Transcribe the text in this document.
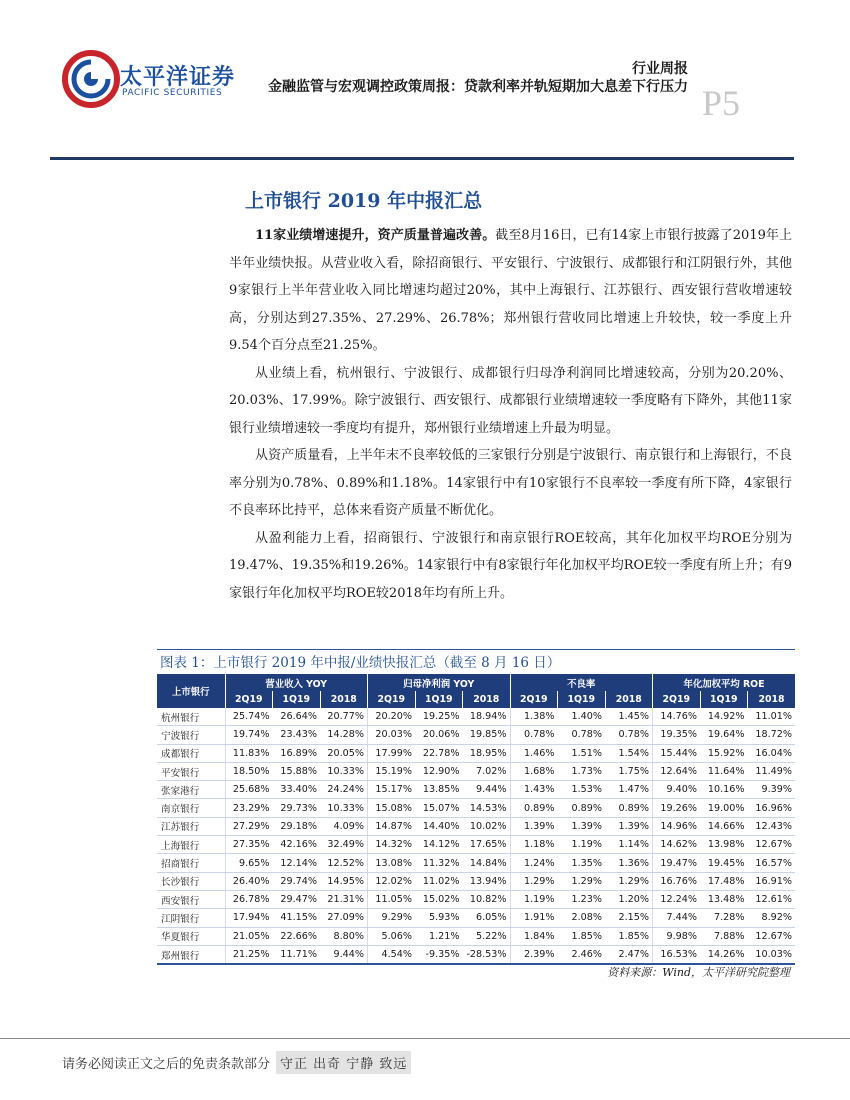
太平洋证券
PACIFIC SECURITIES
行业周报
金融监管与宏观调控政策周报：贷款利率并轨短期加大息差下行压力 P5
上市银行 2019 年中报汇总

11家业绩增速提升，资产质量普遍改善。截至8月16日，已有14家上市银行披露了2019年上半年业绩快报。从营业收入看，除招商银行、平安银行、宁波银行、成都银行和江阴银行外，其他9家银行上半年营业收入同比增速均超过20%，其中上海银行、江苏银行、西安银行营收增速较高，分别达到27.35%、27.29%、26.78%；郑州银行营收同比增速上升较快，较一季度上升9.54个百分点至21.25%。

从业绩上看，杭州银行、宁波银行、成都银行归母净利润同比增速较高，分别为20.20%、20.03%、17.99%。除宁波银行、西安银行、成都银行业绩增速较一季度略有下降外，其他11家银行业绩增速较一季度均有提升，郑州银行业绩增速上升最为明显。

从资产质量看，上半年末不良率较低的三家银行分别是宁波银行、南京银行和上海银行，不良率分别为0.78%、0.89%和1.18%。14家银行中有10家银行不良率较一季度有所下降，4家银行不良率环比持平，总体来看资产质量不断优化。

从盈利能力上看，招商银行、宁波银行和南京银行ROE较高，其年化加权平均ROE分别为19.47%、19.35%和19.26%。14家银行中有8家银行年化加权平均ROE较一季度有所上升；有9家银行年化加权平均ROE较2018年均有所上升。

图表 1：上市银行 2019 年中报/业绩快报汇总（截至 8 月 16 日）
上市银行	营业收入 YOY			归母净利润 YOY			不良率			年化加权平均 ROE		
	2Q19	1Q19	2018	2Q19	1Q19	2018	2Q19	1Q19	2018	2Q19	1Q19	2018
杭州银行	25.74%	26.64%	20.77%	20.20%	19.25%	18.94%	1.38%	1.40%	1.45%	14.76%	14.92%	11.01%
宁波银行	19.74%	23.43%	14.28%	20.03%	20.06%	19.85%	0.78%	0.78%	0.78%	19.35%	19.64%	18.72%
成都银行	11.83%	16.89%	20.05%	17.99%	22.78%	18.95%	1.46%	1.51%	1.54%	15.44%	15.92%	16.04%
平安银行	18.50%	15.88%	10.33%	15.19%	12.90%	7.02%	1.68%	1.73%	1.75%	12.64%	11.64%	11.49%
张家港行	25.68%	33.40%	24.24%	15.17%	13.85%	9.44%	1.43%	1.53%	1.47%	9.40%	10.16%	9.39%
南京银行	23.29%	29.73%	10.33%	15.08%	15.07%	14.53%	0.89%	0.89%	0.89%	19.26%	19.00%	16.96%
江苏银行	27.29%	29.18%	4.09%	14.87%	14.40%	10.02%	1.39%	1.39%	1.39%	14.96%	14.66%	12.43%
上海银行	27.35%	42.16%	32.49%	14.32%	14.12%	17.65%	1.18%	1.19%	1.14%	14.62%	13.98%	12.67%
招商银行	9.65%	12.14%	12.52%	13.08%	11.32%	14.84%	1.24%	1.35%	1.36%	19.47%	19.45%	16.57%
长沙银行	26.40%	29.74%	14.95%	12.02%	11.02%	13.94%	1.29%	1.29%	1.29%	16.76%	17.48%	16.91%
西安银行	26.78%	29.47%	21.31%	11.05%	15.02%	10.82%	1.19%	1.23%	1.20%	12.24%	13.48%	12.61%
江阴银行	17.94%	41.15%	27.09%	9.29%	5.93%	6.05%	1.91%	2.08%	2.15%	7.44%	7.28%	8.92%
华夏银行	21.05%	22.66%	8.80%	5.06%	1.21%	5.22%	1.84%	1.85%	1.85%	9.98%	7.88%	12.67%
郑州银行	21.25%	11.71%	9.44%	4.54%	-9.35%	-28.53%	2.39%	2.46%	2.47%	16.53%	14.26%	10.03%
资料来源：Wind，太平洋研究院整理
请务必阅读正文之后的免责条款部分 守正 出奇 宁静 致远
